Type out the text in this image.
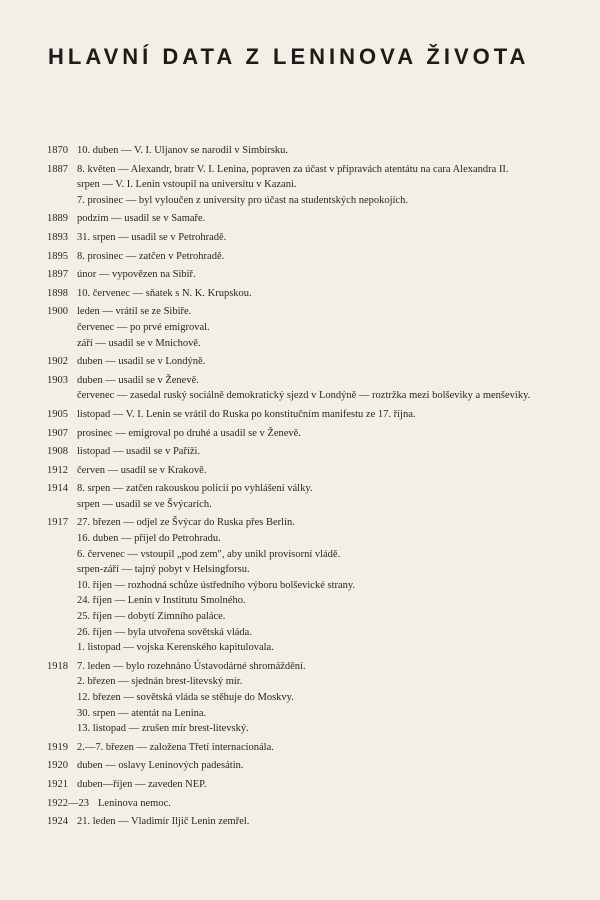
HLAVNÍ DATA Z LENINOVA ŽIVOTA
1870 10. duben — V. I. Uljanov se narodil v Simbirsku.
1887 8. květen — Alexandr, bratr V. I. Lenina, popraven za účast v přípravách atentátu na cara Alexandra II.
srpen — V. I. Lenin vstoupil na universitu v Kazani.
7. prosinec — byl vyloučen z university pro účast na studentských nepokojích.
1889 podzim — usadil se v Samaře.
1893 31. srpen — usadil se v Petrohradě.
1895 8. prosinec — zatčen v Petrohradě.
1897 únor — vypovězen na Sibiř.
1898 10. červenec — sňatek s N. K. Krupskou.
1900 leden — vrátil se ze Sibiře.
červenec — po prvé emigroval.
září — usadil se v Mnichově.
1902 duben — usadil se v Londýně.
1903 duben — usadil se v Ženevě.
červenec — zasedal ruský sociálně demokratický sjezd v Londýně — roztržka mezi bolševiky a menševiky.
1905 listopad — V. I. Lenin se vrátil do Ruska po konstitučním manifestu ze 17. října.
1907 prosinec — emigroval po druhé a usadil se v Ženevě.
1908 listopad — usadil se v Paříži.
1912 červen — usadil se v Krakově.
1914 8. srpen — zatčen rakouskou policií po vyhlášení války.
srpen — usadil se ve Švýcarích.
1917 27. březen — odjel ze Švýcar do Ruska přes Berlín.
16. duben — přijel do Petrohradu.
6. červenec — vstoupil „pod zem", aby unikl provisorní vládě.
srpen-září — tajný pobyt v Helsingforsu.
10. říjen — rozhodná schůze ústředního výboru bolševické strany.
24. říjen — Lenin v Institutu Smolného.
25. říjen — dobytí Zimního paláce.
26. říjen — byla utvořena sovětská vláda.
1. listopad — vojska Kerenského kapitulovala.
1918 7. leden — bylo rozehnáno Ústavodárné shromáždění.
2. březen — sjednán brest-litevský mír.
12. březen — sovětská vláda se stěhuje do Moskvy.
30. srpen — atentát na Lenina.
13. listopad — zrušen mír brest-litevský.
1919 2.—7. březen — založena Třetí internacionála.
1920 duben — oslavy Leninových padesátin.
1921 duben—říjen — zaveden NEP.
1922—23 Leninova nemoc.
1924 21. leden — Vladimír Iljič Lenin zemřel.
